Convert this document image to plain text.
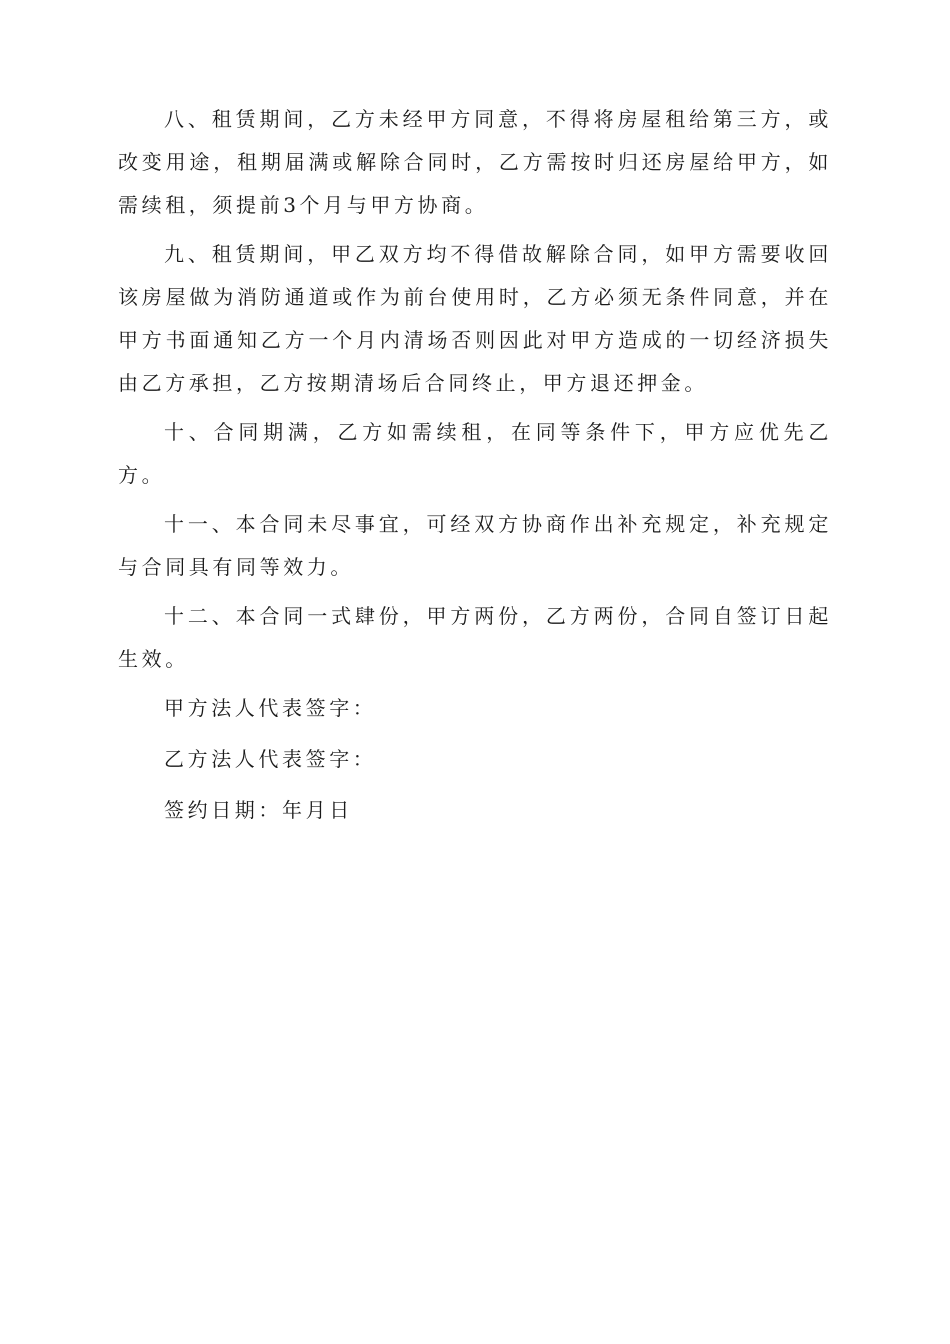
八、租赁期间，乙方未经甲方同意，不得将房屋租给第三方，或改变用途，租期届满或解除合同时，乙方需按时归还房屋给甲方，如需续租，须提前3个月与甲方协商。

九、租赁期间，甲乙双方均不得借故解除合同，如甲方需要收回该房屋做为消防通道或作为前台使用时，乙方必须无条件同意，并在甲方书面通知乙方一个月内清场否则因此对甲方造成的一切经济损失由乙方承担，乙方按期清场后合同终止，甲方退还押金。

十、合同期满，乙方如需续租，在同等条件下，甲方应优先乙方。

十一、本合同未尽事宜，可经双方协商作出补充规定，补充规定与合同具有同等效力。

十二、本合同一式肆份，甲方两份，乙方两份，合同自签订日起生效。

甲方法人代表签字：
乙方法人代表签字：
签约日期：年月日
